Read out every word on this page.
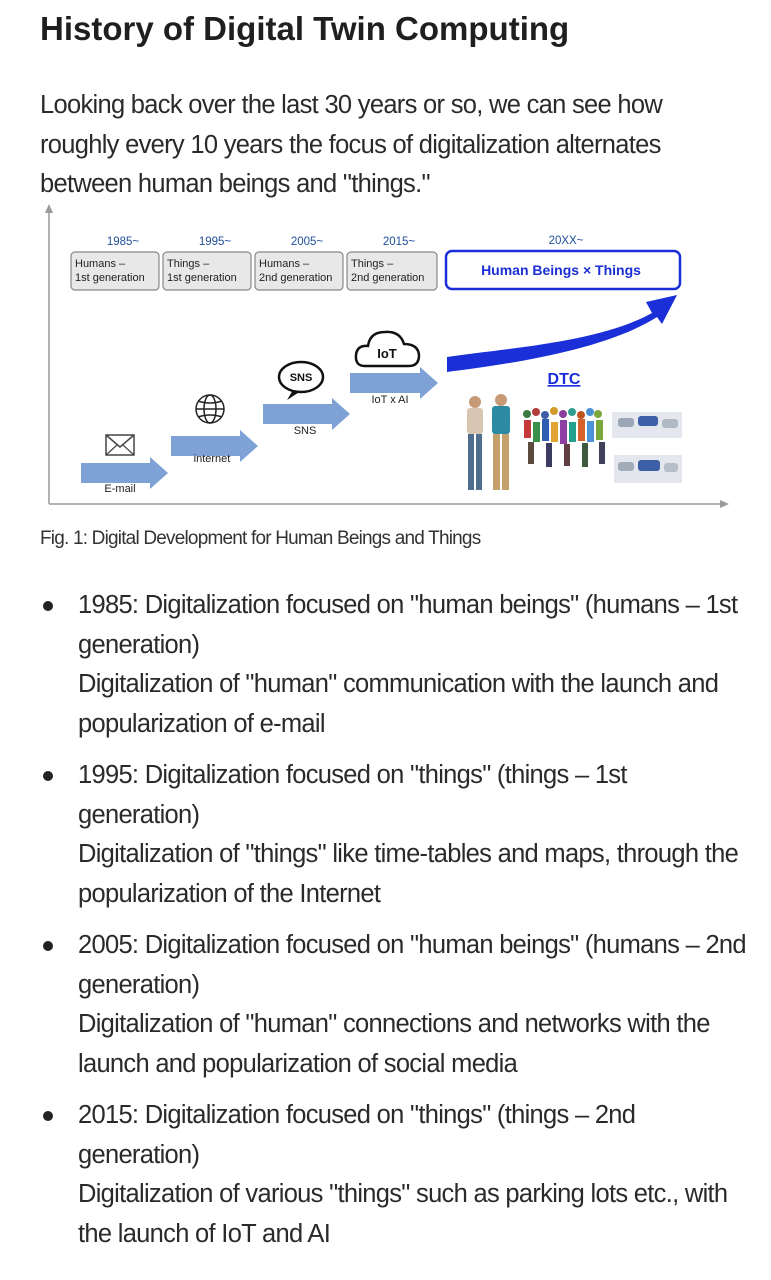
History of Digital Twin Computing

Looking back over the last 30 years or so, we can see how roughly every 10 years the focus of digitalization alternates between human beings and "things."

1985~	1995~	2005~	2015~	20XX~
Humans –
1st generation
Things –
1st generation
Humans –
2nd generation
Things –
2nd generation	Human Beings × Things
E-mail
internet
SNS
IoT x AI
SNS
IoT
DTC

Fig. 1: Digital Development for Human Beings and Things

1985: Digitalization focused on "human beings" (humans – 1st generation)
Digitalization of "human" communication with the launch and popularization of e-mail
1995: Digitalization focused on "things" (things – 1st generation)
Digitalization of "things" like time-tables and maps, through the popularization of the Internet
2005: Digitalization focused on "human beings" (humans – 2nd generation)
Digitalization of "human" connections and networks with the launch and popularization of social media
2015: Digitalization focused on "things" (things – 2nd generation)
Digitalization of various "things" such as parking lots etc., with the launch of IoT and AI
